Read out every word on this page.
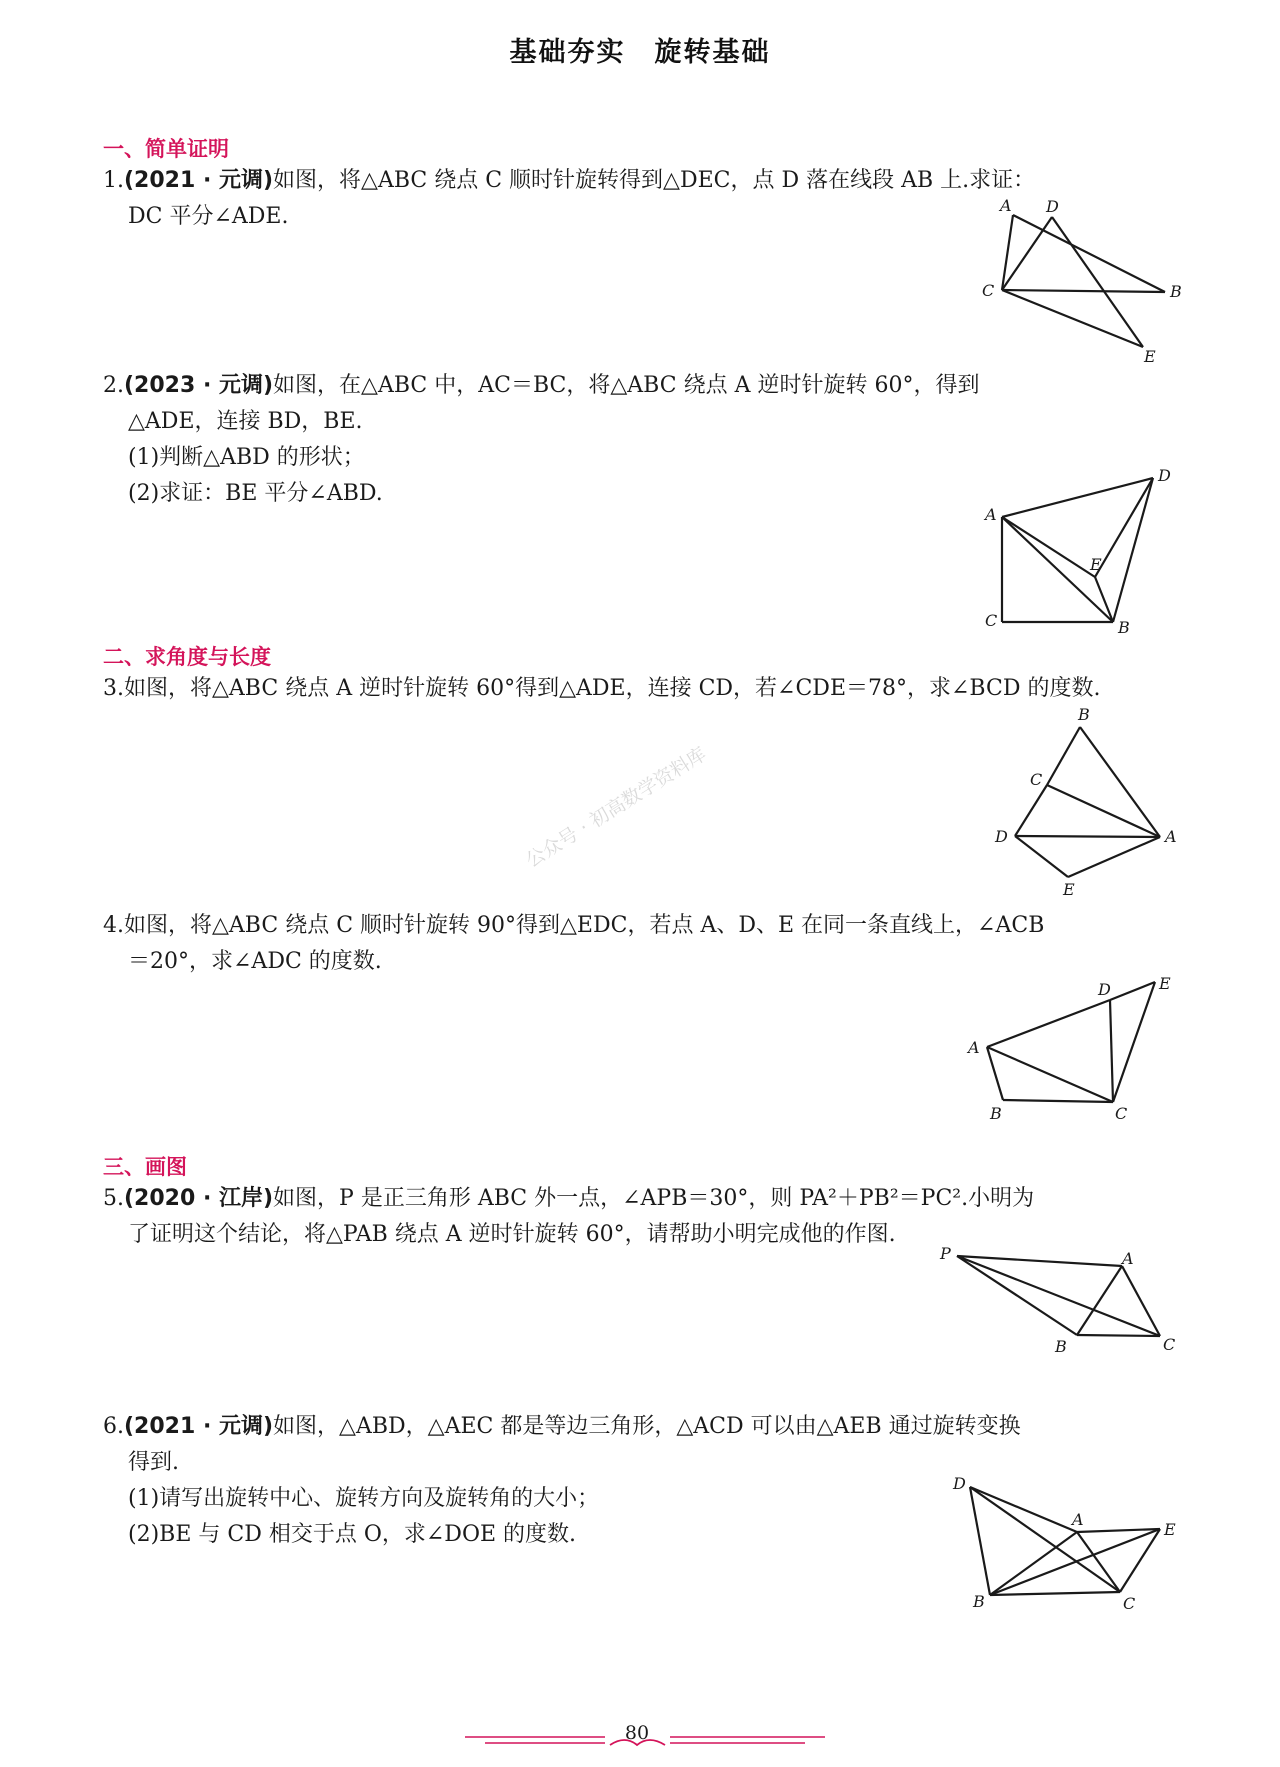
基础夯实　旋转基础
一、简单证明
1.(2021 · 元调)如图，将△ABC 绕点 C 顺时针旋转得到△DEC，点 D 落在线段 AB 上.求证：
DC 平分∠ADE.	A D
C	B
E
2.(2023 · 元调)如图，在△ABC 中，AC＝BC，将△ABC 绕点 A 逆时针旋转 60°，得到
△ADE，连接 BD，BE.
(1)判断△ABD 的形状；
(2)求证：BE 平分∠ABD.
D
A
E
C	B
二、求角度与长度
3.如图，将△ABC 绕点 A 逆时针旋转 60°得到△ADE，连接 CD，若∠CDE＝78°，求∠BCD 的度数.
B
C
D	A
E
4.如图，将△ABC 绕点 C 顺时针旋转 90°得到△EDC，若点 A、D、E 在同一条直线上，∠ACB
＝20°，求∠ADC 的度数.
D	E
A
B	C
三、画图
5.(2020 · 江岸)如图，P 是正三角形 ABC 外一点，∠APB＝30°，则 PA²＋PB²＝PC².小明为
了证明这个结论，将△PAB 绕点 A 逆时针旋转 60°，请帮助小明完成他的作图.
P	A
B	C
6.(2021 · 元调)如图，△ABD，△AEC 都是等边三角形，△ACD 可以由△AEB 通过旋转变换
得到.
(1)请写出旋转中心、旋转方向及旋转角的大小；
(2)BE 与 CD 相交于点 O，求∠DOE 的度数.
D
A
E
B	C
公众号 · 初高数学资料库
80
